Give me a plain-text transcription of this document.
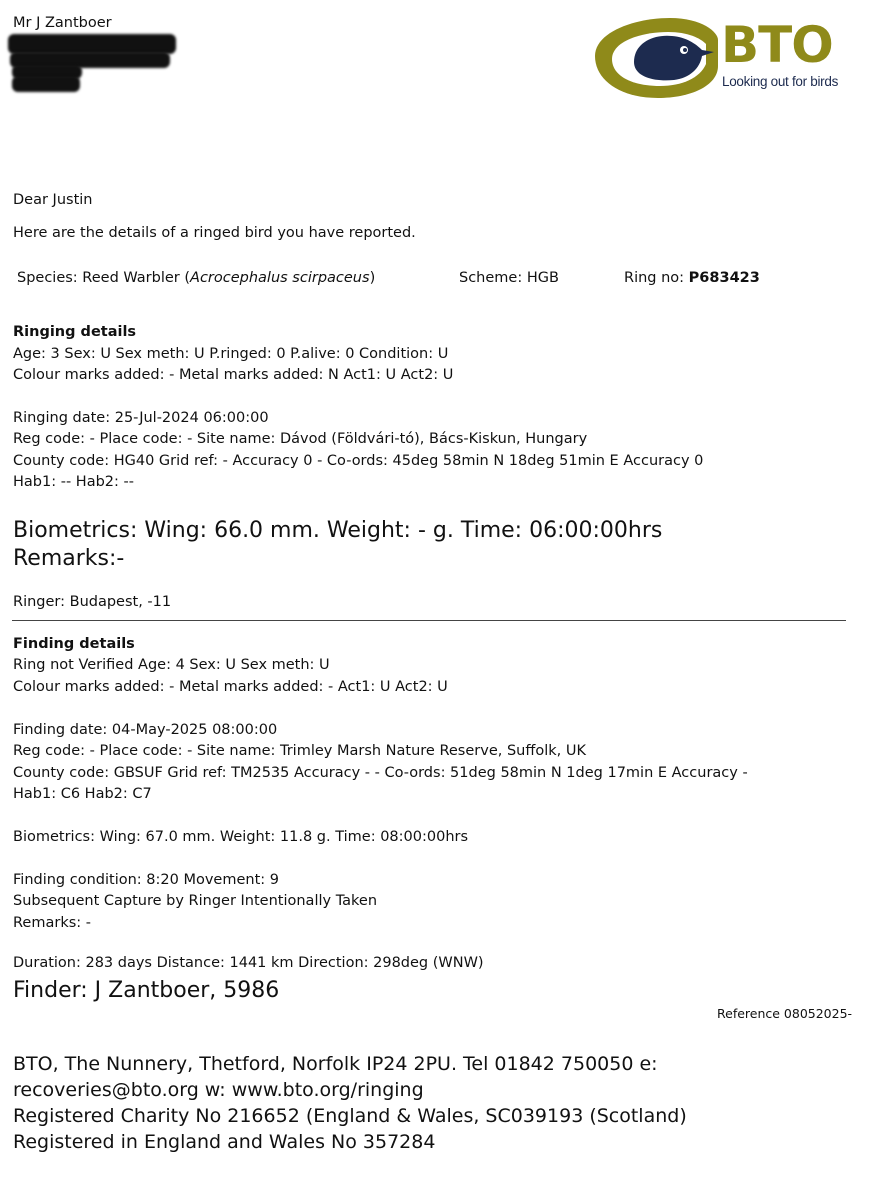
Mr J Zantboer	BTO
Looking out for birds
Dear Justin
Here are the details of a ringed bird you have reported.
Species: Reed Warbler (Acrocephalus scirpaceus)	Scheme: HGB	Ring no: P683423
Ringing details
Age: 3 Sex: U Sex meth: U P.ringed: 0 P.alive: 0 Condition: U
Colour marks added: - Metal marks added: N Act1: U Act2: U
Ringing date: 25-Jul-2024 06:00:00
Reg code: - Place code: - Site name: Dávod (Földvári-tó), Bács-Kiskun, Hungary
County code: HG40 Grid ref: - Accuracy 0 - Co-ords: 45deg 58min N 18deg 51min E Accuracy 0
Hab1: -- Hab2: --
Biometrics: Wing: 66.0 mm. Weight: - g. Time: 06:00:00hrs
Remarks:-
Ringer: Budapest, -11
Finding details
Ring not Verified Age: 4 Sex: U Sex meth: U
Colour marks added: - Metal marks added: - Act1: U Act2: U
Finding date: 04-May-2025 08:00:00
Reg code: - Place code: - Site name: Trimley Marsh Nature Reserve, Suffolk, UK
County code: GBSUF Grid ref: TM2535 Accuracy - - Co-ords: 51deg 58min N 1deg 17min E Accuracy -
Hab1: C6 Hab2: C7
Biometrics: Wing: 67.0 mm. Weight: 11.8 g. Time: 08:00:00hrs
Finding condition: 8:20 Movement: 9
Subsequent Capture by Ringer Intentionally Taken
Remarks: -
Duration: 283 days Distance: 1441 km Direction: 298deg (WNW)
Finder: J Zantboer, 5986
Reference 08052025-
BTO, The Nunnery, Thetford, Norfolk IP24 2PU. Tel 01842 750050 e:
recoveries@bto.org w: www.bto.org/ringing
Registered Charity No 216652 (England & Wales, SC039193 (Scotland)
Registered in England and Wales No 357284
